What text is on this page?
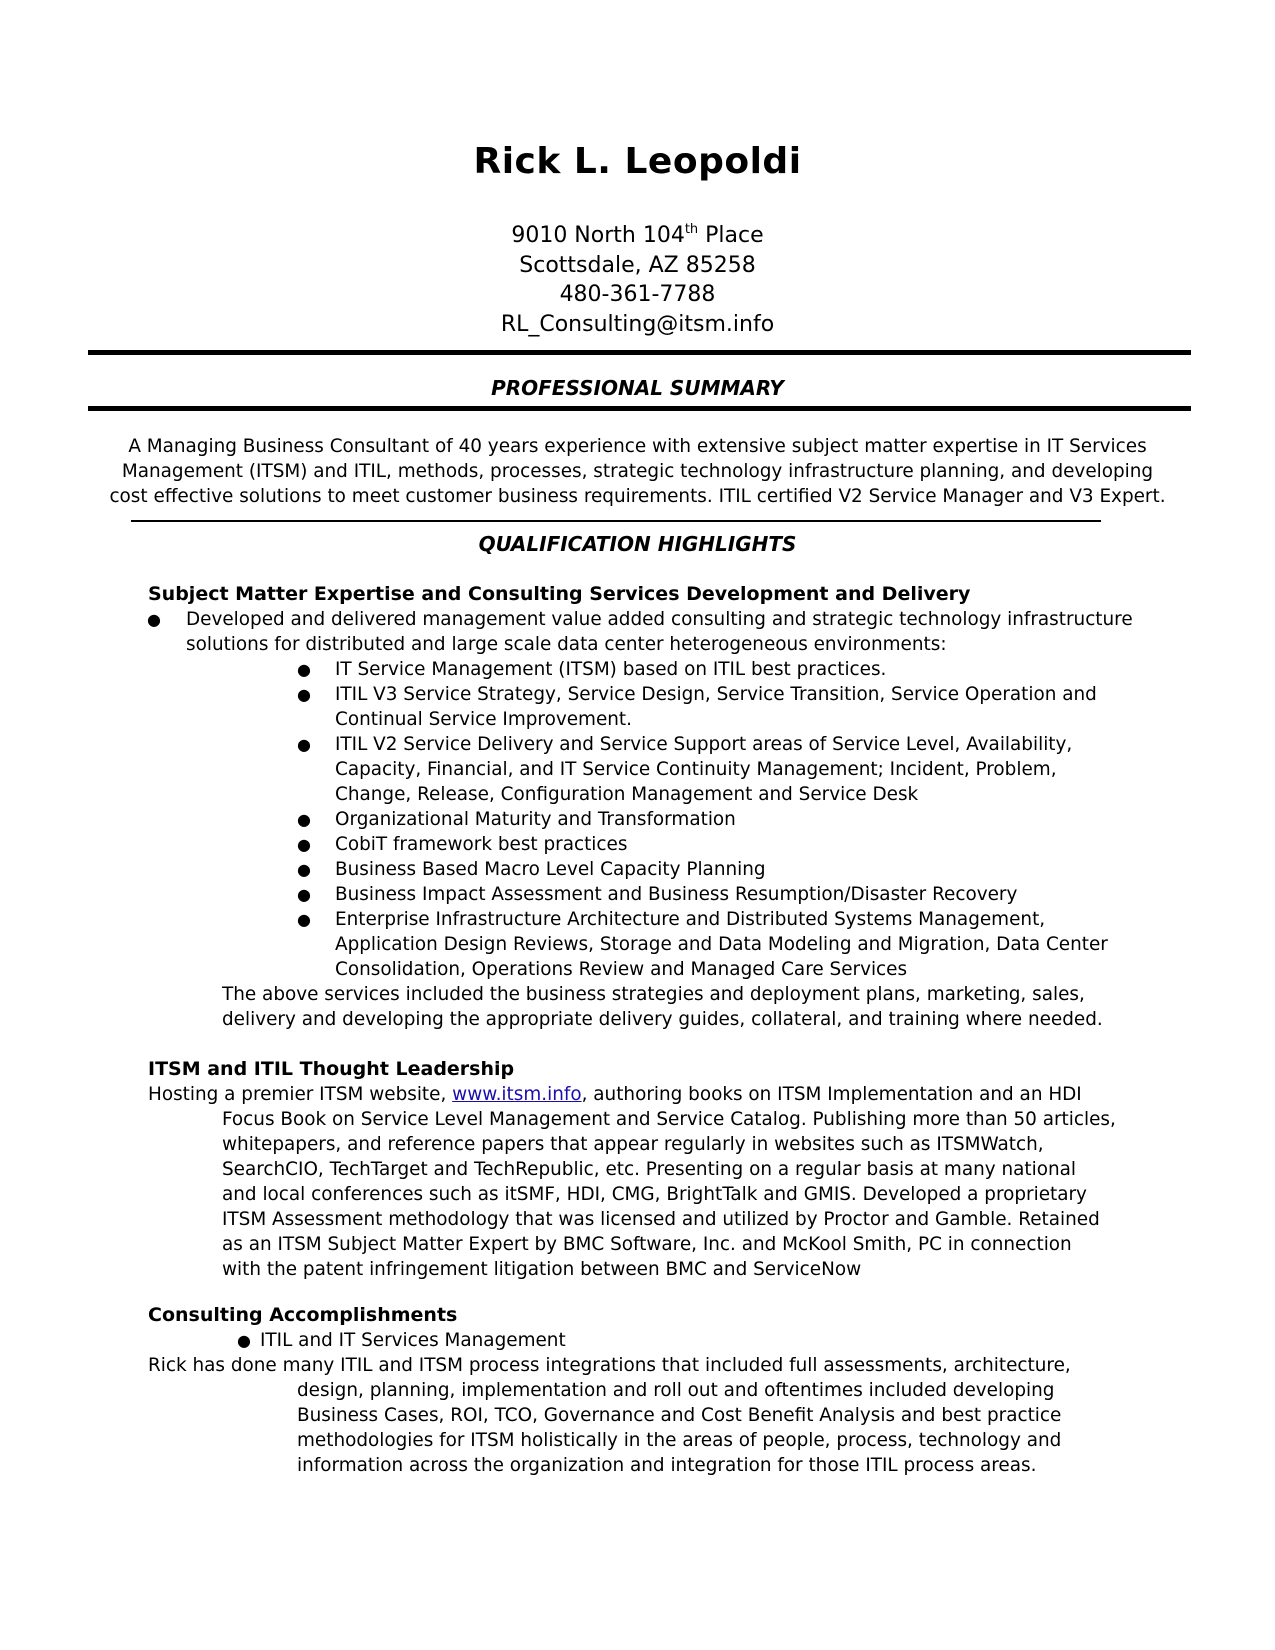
Rick L. Leopoldi
9010 North 104th Place
Scottsdale, AZ 85258
480-361-7788
RL_Consulting@itsm.info
PROFESSIONAL SUMMARY
A Managing Business Consultant of 40 years experience with extensive subject matter expertise in IT Services
Management (ITSM) and ITIL, methods, processes, strategic technology infrastructure planning, and developing
cost effective solutions to meet customer business requirements. ITIL certified V2 Service Manager and V3 Expert.
QUALIFICATION HIGHLIGHTS
Subject Matter Expertise and Consulting Services Development and Delivery
● Developed and delivered management value added consulting and strategic technology infrastructure
solutions for distributed and large scale data center heterogeneous environments:
● IT Service Management (ITSM) based on ITIL best practices.
● ITIL V3 Service Strategy, Service Design, Service Transition, Service Operation and
Continual Service Improvement.
● ITIL V2 Service Delivery and Service Support areas of Service Level, Availability,
Capacity, Financial, and IT Service Continuity Management; Incident, Problem,
Change, Release, Configuration Management and Service Desk
● Organizational Maturity and Transformation
● CobiT framework best practices
● Business Based Macro Level Capacity Planning
● Business Impact Assessment and Business Resumption/Disaster Recovery
● Enterprise Infrastructure Architecture and Distributed Systems Management,
Application Design Reviews, Storage and Data Modeling and Migration, Data Center
Consolidation, Operations Review and Managed Care Services
The above services included the business strategies and deployment plans, marketing, sales,
delivery and developing the appropriate delivery guides, collateral, and training where needed.
ITSM and ITIL Thought Leadership
Hosting a premier ITSM website, www.itsm.info, authoring books on ITSM Implementation and an HDI
Focus Book on Service Level Management and Service Catalog. Publishing more than 50 articles,
whitepapers, and reference papers that appear regularly in websites such as ITSMWatch,
SearchCIO, TechTarget and TechRepublic, etc. Presenting on a regular basis at many national
and local conferences such as itSMF, HDI, CMG, BrightTalk and GMIS. Developed a proprietary
ITSM Assessment methodology that was licensed and utilized by Proctor and Gamble. Retained
as an ITSM Subject Matter Expert by BMC Software, Inc. and McKool Smith, PC in connection
with the patent infringement litigation between BMC and ServiceNow
Consulting Accomplishments
● ITIL and IT Services Management
Rick has done many ITIL and ITSM process integrations that included full assessments, architecture,
design, planning, implementation and roll out and oftentimes included developing
Business Cases, ROI, TCO, Governance and Cost Benefit Analysis and best practice
methodologies for ITSM holistically in the areas of people, process, technology and
information across the organization and integration for those ITIL process areas.
